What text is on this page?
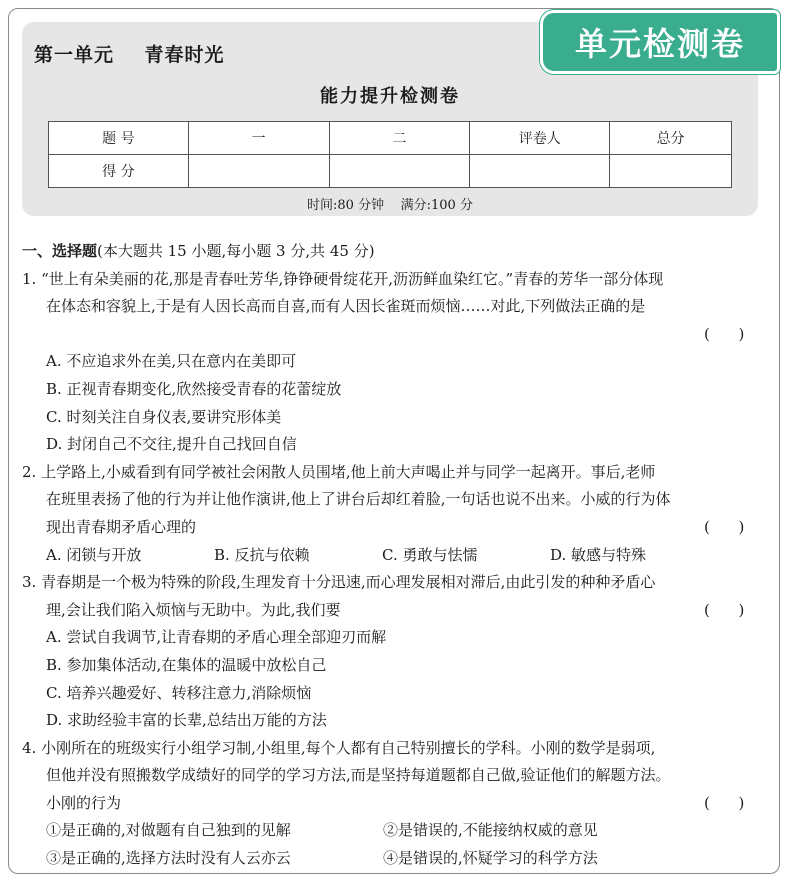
第一单元    青春时光	单元检测卷
能力提升检测卷
题 号	一	二	评卷人	总分
得 分				
时间:80 分钟    满分:100 分
一、选择题(本大题共 15 小题,每小题 3 分,共 45 分)
1. “世上有朵美丽的花,那是青春吐芳华,铮铮硬骨绽花开,沥沥鲜血染红它。”青春的芳华一部分体现
在体态和容貌上,于是有人因长高而自喜,而有人因长雀斑而烦恼……对此,下列做法正确的是
(      )
A. 不应追求外在美,只在意内在美即可
B. 正视青春期变化,欣然接受青春的花蕾绽放
C. 时刻关注自身仪表,要讲究形体美
D. 封闭自己不交往,提升自己找回自信
2. 上学路上,小威看到有同学被社会闲散人员围堵,他上前大声喝止并与同学一起离开。事后,老师
在班里表扬了他的行为并让他作演讲,他上了讲台后却红着脸,一句话也说不出来。小威的行为体
现出青春期矛盾心理的	(      )
A. 闭锁与开放	B. 反抗与依赖	C. 勇敢与怯懦	D. 敏感与特殊
3. 青春期是一个极为特殊的阶段,生理发育十分迅速,而心理发展相对滞后,由此引发的种种矛盾心
理,会让我们陷入烦恼与无助中。为此,我们要	(      )
A. 尝试自我调节,让青春期的矛盾心理全部迎刃而解
B. 参加集体活动,在集体的温暖中放松自己
C. 培养兴趣爱好、转移注意力,消除烦恼
D. 求助经验丰富的长辈,总结出万能的方法
4. 小刚所在的班级实行小组学习制,小组里,每个人都有自己特别擅长的学科。小刚的数学是弱项,
但他并没有照搬数学成绩好的同学的学习方法,而是坚持每道题都自己做,验证他们的解题方法。
小刚的行为	(      )
①是正确的,对做题有自己独到的见解	②是错误的,不能接纳权威的意见
③是正确的,选择方法时没有人云亦云	④是错误的,怀疑学习的科学方法
